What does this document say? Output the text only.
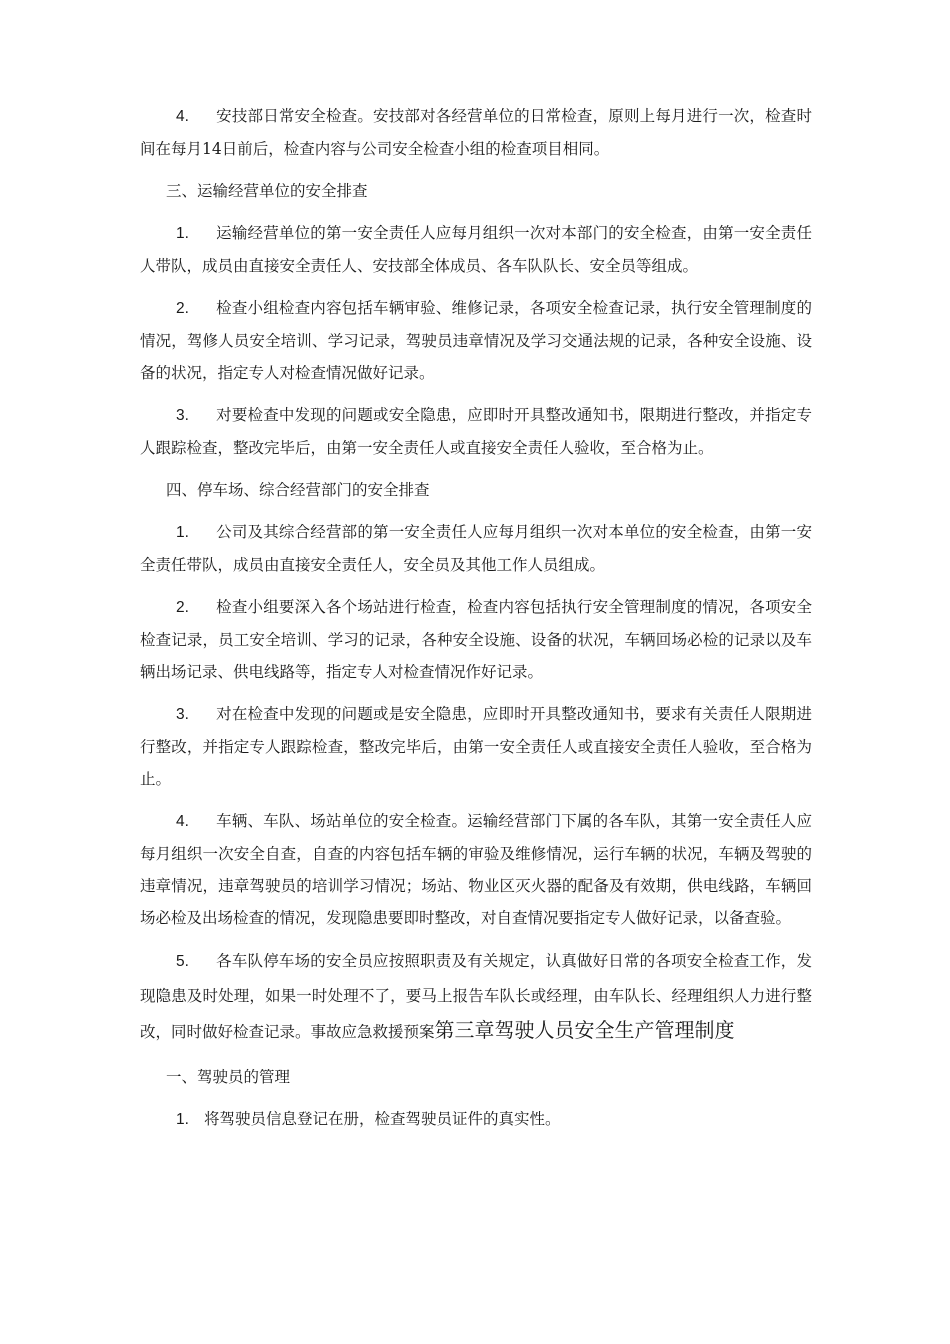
4. 安技部日常安全检查。安技部对各经营单位的日常检查，原则上每月进行一次，检查时间在每月14日前后，检查内容与公司安全检查小组的检查项目相同。

三、运输经营单位的安全排查

1. 运输经营单位的第一安全责任人应每月组织一次对本部门的安全检查，由第一安全责任人带队，成员由直接安全责任人、安技部全体成员、各车队队长、安全员等组成。

2. 检查小组检查内容包括车辆审验、维修记录，各项安全检查记录，执行安全管理制度的情况，驾修人员安全培训、学习记录，驾驶员违章情况及学习交通法规的记录，各种安全设施、设备的状况，指定专人对检查情况做好记录。

3. 对要检查中发现的问题或安全隐患，应即时开具整改通知书，限期进行整改，并指定专人跟踪检查，整改完毕后，由第一安全责任人或直接安全责任人验收，至合格为止。

四、停车场、综合经营部门的安全排查

1. 公司及其综合经营部的第一安全责任人应每月组织一次对本单位的安全检查，由第一安全责任带队，成员由直接安全责任人，安全员及其他工作人员组成。

2. 检查小组要深入各个场站进行检查，检查内容包括执行安全管理制度的情况，各项安全检查记录，员工安全培训、学习的记录，各种安全设施、设备的状况，车辆回场必检的记录以及车辆出场记录、供电线路等，指定专人对检查情况作好记录。

3. 对在检查中发现的问题或是安全隐患，应即时开具整改通知书，要求有关责任人限期进行整改，并指定专人跟踪检查，整改完毕后，由第一安全责任人或直接安全责任人验收，至合格为止。

4. 车辆、车队、场站单位的安全检查。运输经营部门下属的各车队，其第一安全责任人应每月组织一次安全自查，自查的内容包括车辆的审验及维修情况，运行车辆的状况，车辆及驾驶的违章情况，违章驾驶员的培训学习情况；场站、物业区灭火器的配备及有效期，供电线路，车辆回场必检及出场检查的情况，发现隐患要即时整改，对自查情况要指定专人做好记录，以备查验。

5. 各车队停车场的安全员应按照职责及有关规定，认真做好日常的各项安全检查工作，发现隐患及时处理，如果一时处理不了，要马上报告车队长或经理，由车队长、经理组织人力进行整改，同时做好检查记录。事故应急救援预案第三章驾驶人员安全生产管理制度

一、驾驶员的管理

1. 将驾驶员信息登记在册，检查驾驶员证件的真实性。
